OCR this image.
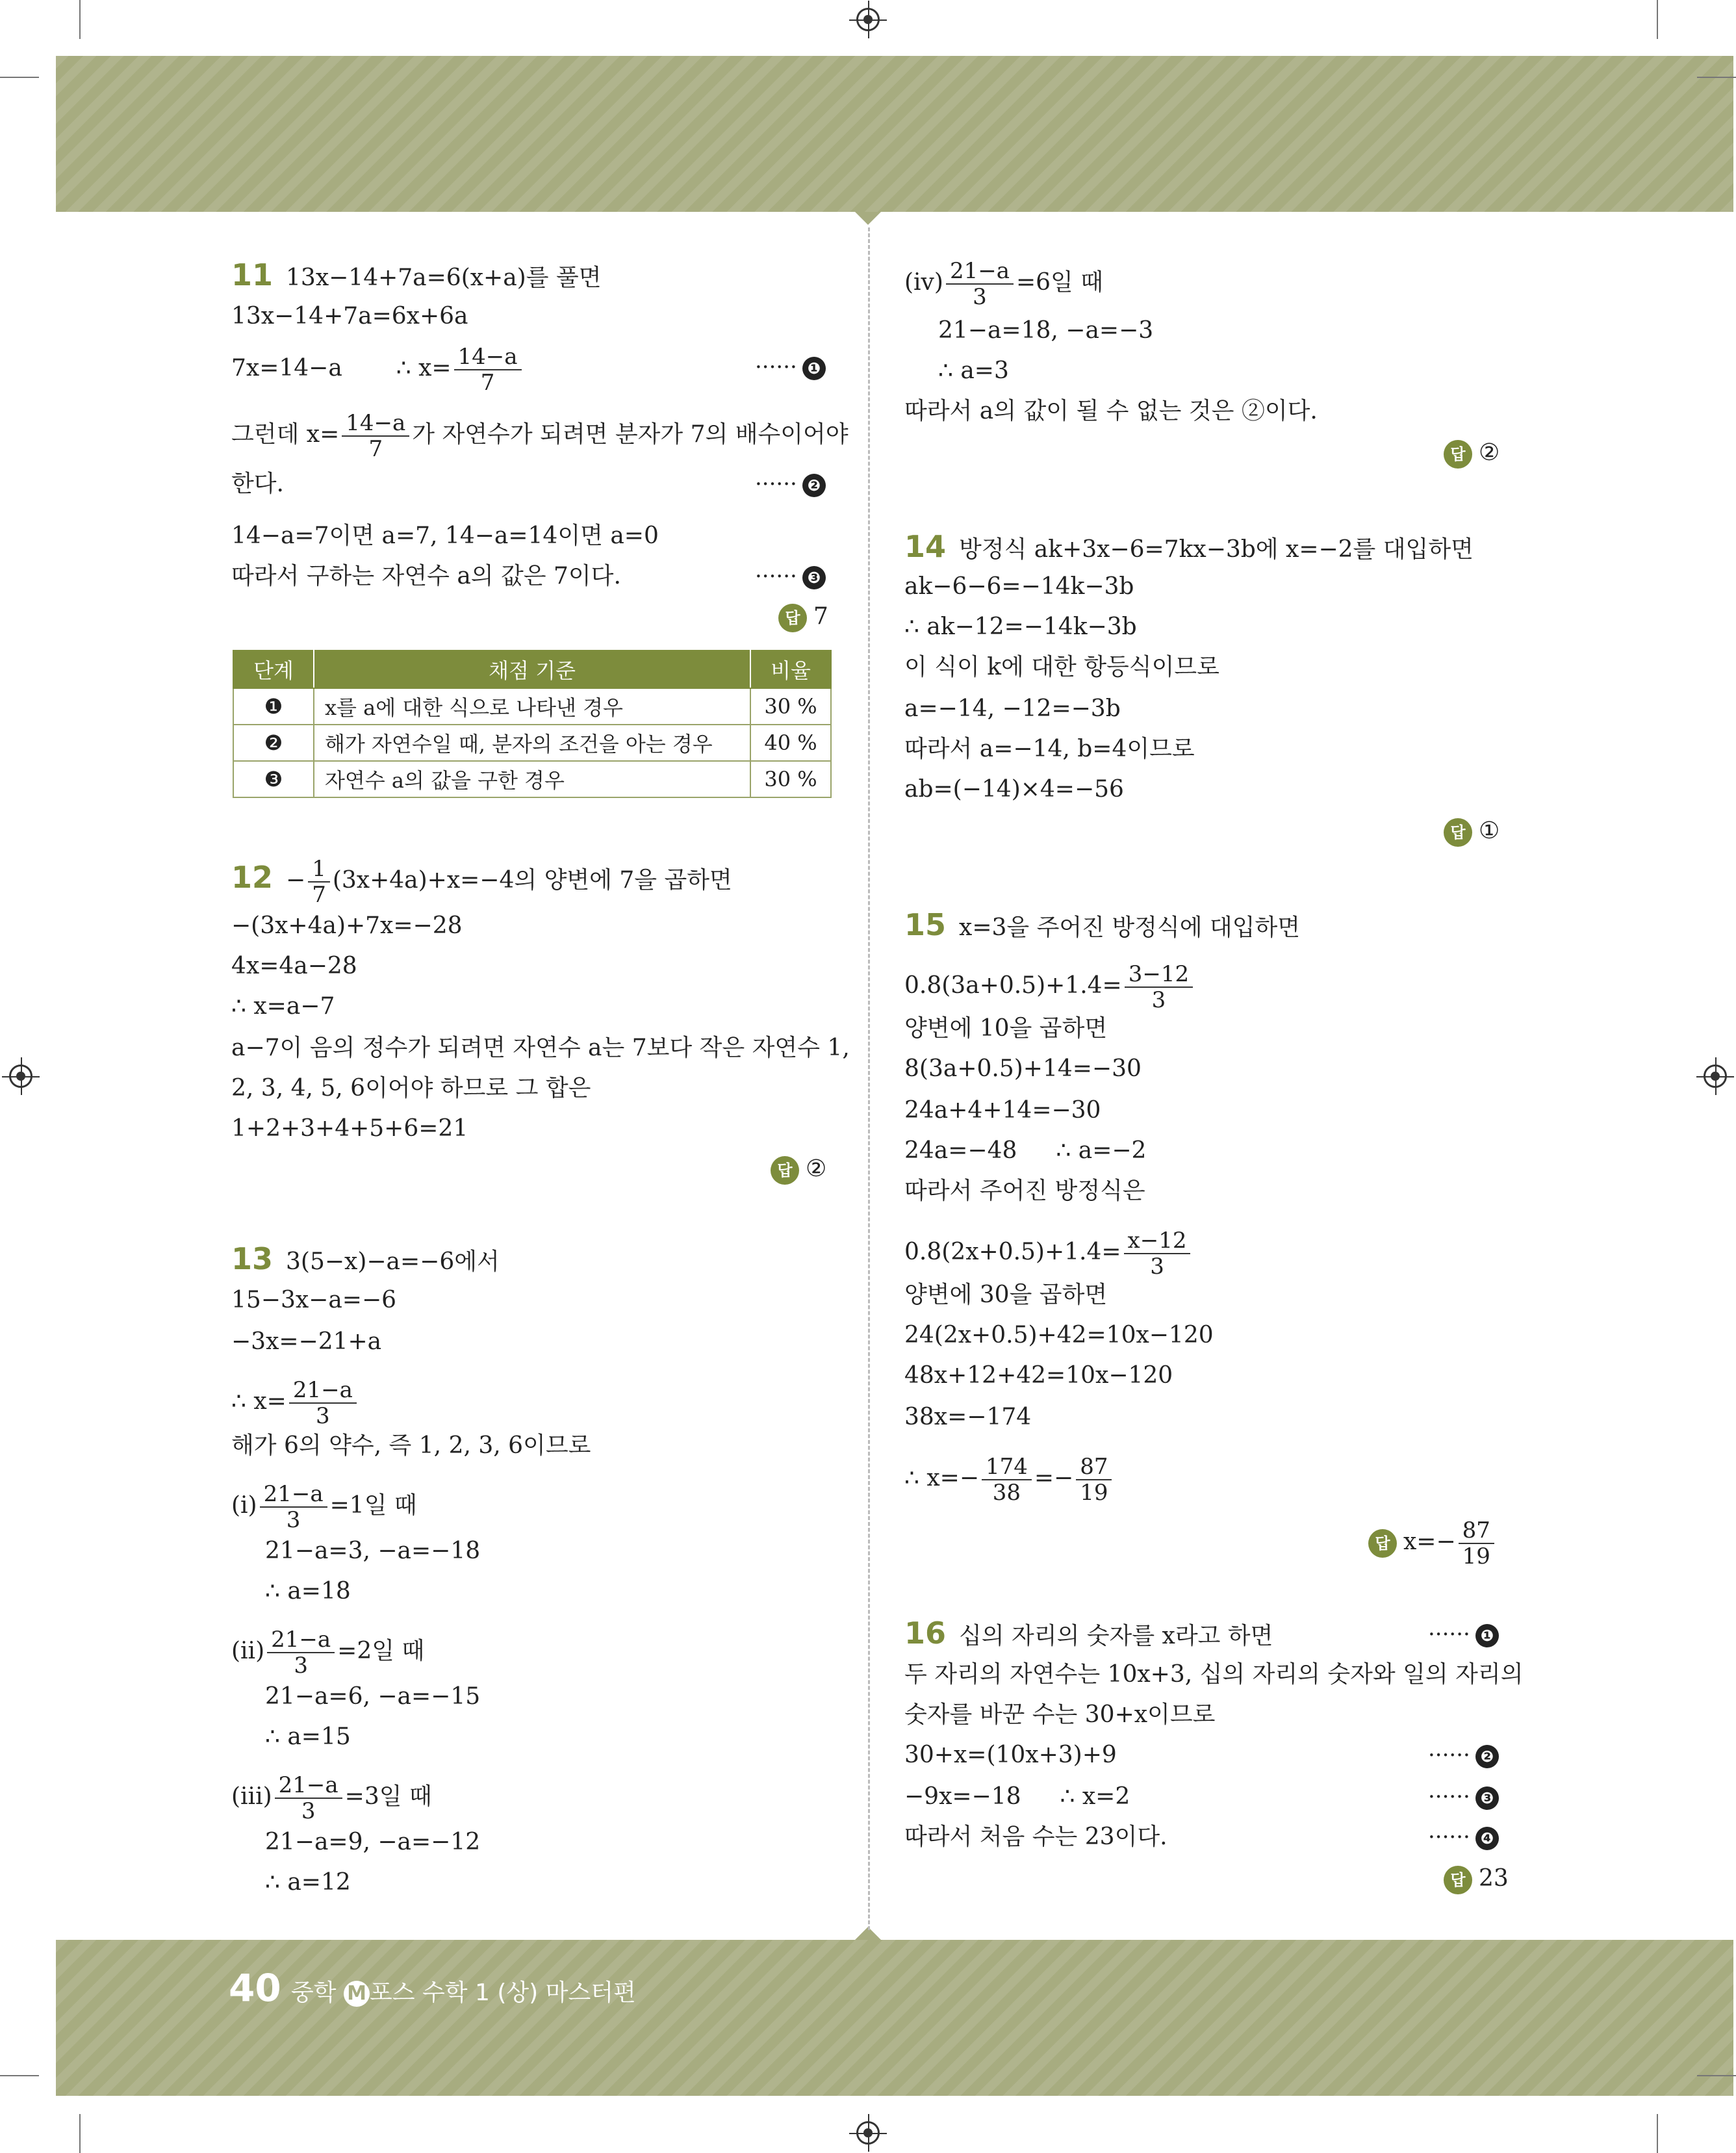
11 13x−14+7a=6(x+a)를 풀면
13x−14+7a=6x+6a
7x=14−a ∴ $x= \frac{14-a}{7}$	······ ❶
그런데 $x= \frac{14-a}{7}$ 가 자연수가 되려면 분자가 7의 배수이어야
한다.	······ ❷
14−a=7이면 a=7, 14−a=14이면 a=0
따라서 구하는 자연수 a의 값은 7이다.	······ ❸
답 7
단계	채점 기준	비율
❶	x를 a에 대한 식으로 나타낸 경우	30 %
❷	해가 자연수일 때, 분자의 조건을 아는 경우	40 %
❸	자연수 a의 값을 구한 경우	30 %
$12 - \frac{1}{7} (3x+4a)+x=-4$의 양변에 7을 곱하면
−(3x+4a)+7x=−28
4x=4a−28
∴ x=a−7
a−7이 음의 정수가 되려면 자연수 a는 7보다 작은 자연수 1,
2, 3, 4, 5, 6이어야 하므로 그 합은
1+2+3+4+5+6=21
답 ②
13 3(5−x)−a=−6에서
15−3x−a=−6
−3x=−21+a
∴ $x= \frac{21-a}{3}$
해가 6의 약수, 즉 1, 2, 3, 6이므로
$(i) \frac{21-a}{3} =1$일 때
21−a=3, −a=−18
∴ a=18
$(ii) \frac{21-a}{3} =2$일 때
21−a=6, −a=−15
∴ a=15
$(iii) \frac{21-a}{3} =3$일 때
21−a=9, −a=−12
∴ a=12
$(iv) \frac{21-a}{3} =6$일 때
21−a=18, −a=−3
∴ a=3
따라서 a의 값이 될 수 없는 것은 ②이다.
답 ②
14 방정식 ak+3x−6=7kx−3b에 x=−2를 대입하면
ak−6−6=−14k−3b
∴ ak−12=−14k−3b
이 식이 k에 대한 항등식이므로
a=−14, −12=−3b
따라서 a=−14, b=4이므로
ab=(−14)×4=−56
답 ①
15 x=3을 주어진 방정식에 대입하면
$0.8(3a+0.5)+1.4= \frac{3-12}{3}$
양변에 10을 곱하면
8(3a+0.5)+14=−30
24a+4+14=−30
24a=−48 ∴ a=−2
따라서 주어진 방정식은
$0.8(2x+0.5)+1.4= \frac{x-12}{3}$
양변에 30을 곱하면
24(2x+0.5)+42=10x−120
48x+12+42=10x−120
38x=−174
∴ $x=- \frac{174}{38} =- \frac{87}{19}$
답 $x=- \frac{87}{19}$
16 십의 자리의 숫자를 x라고 하면	······ ❶
두 자리의 자연수는 10x+3, 십의 자리의 숫자와 일의 자리의
숫자를 바꾼 수는 30+x이므로
30+x=(10x+3)+9	······ ❷
−9x=−18 ∴ x=2	······ ❸
따라서 처음 수는 23이다.	······ ❹
답 23
40 중학 M 포스 수학 1 (상) 마스터편
